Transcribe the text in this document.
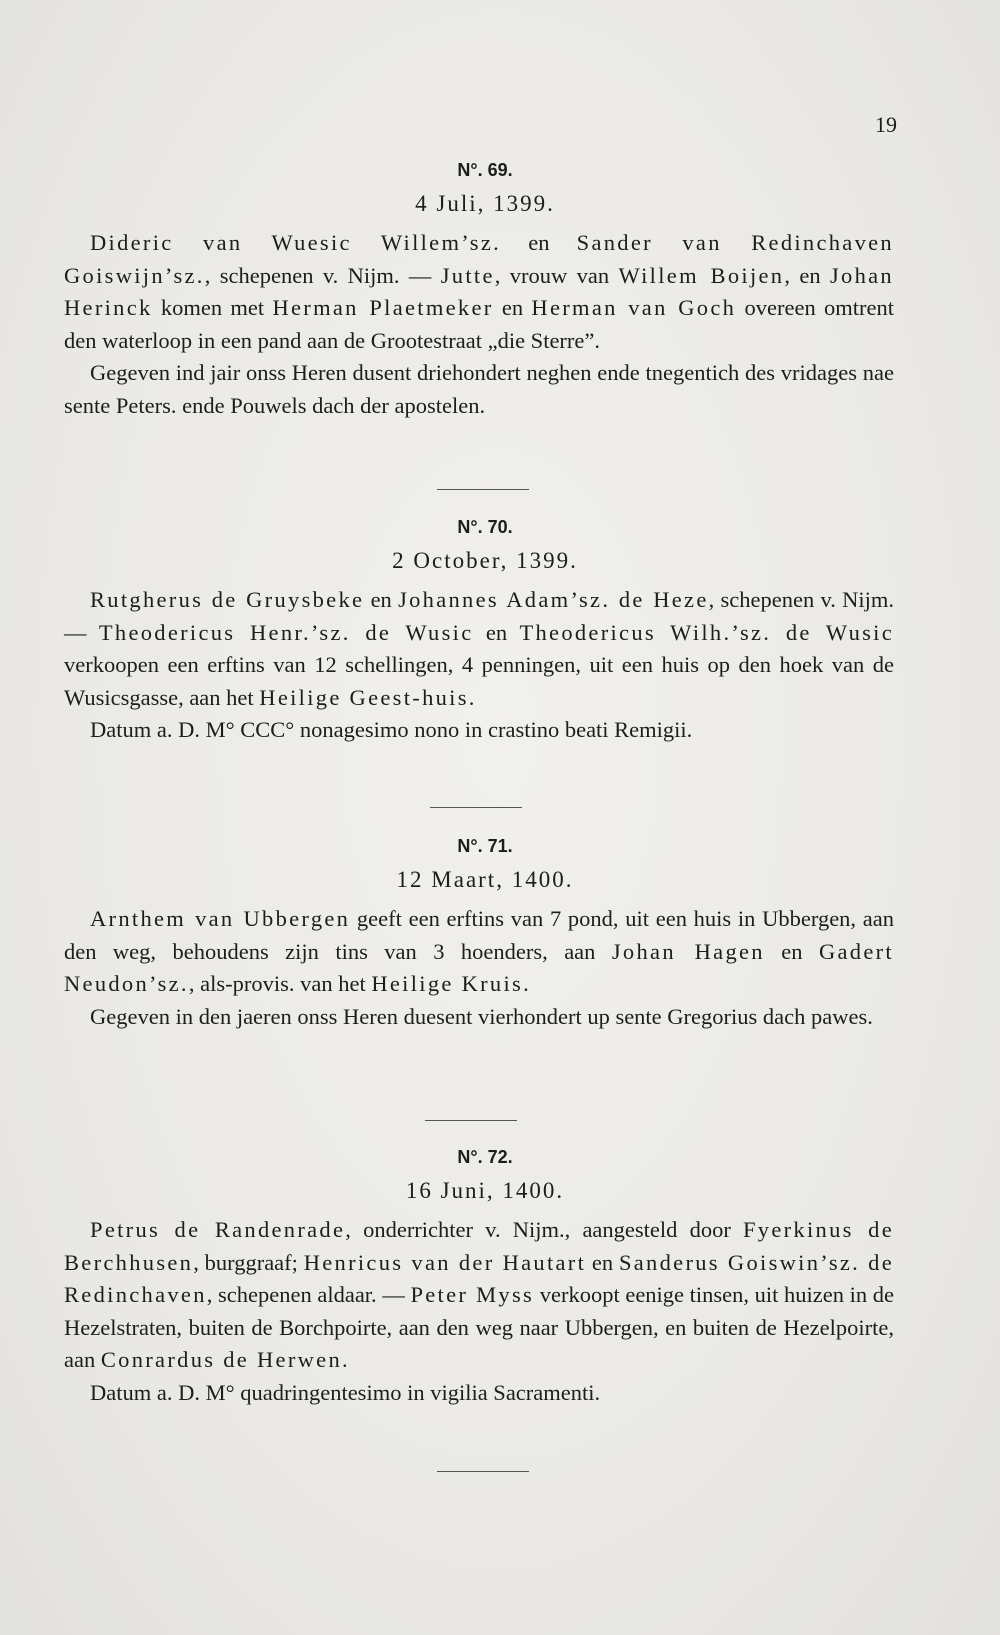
19
N°. 69.
4 Juli, 1399.

Dideric van Wuesic Willem’sz. en Sander van Redinchaven Goiswijn’sz., schepenen v. Nijm. — Jutte, vrouw van Willem Boijen, en Johan Herinck komen met Herman Plaetmeker en Herman van Goch overeen omtrent den waterloop in een pand aan de Grootestraat „die Sterre”.

Gegeven ind jair onss Heren dusent driehondert neghen ende tnegentich des vridages nae sente Peters. ende Pouwels dach der apostelen.

N°. 70.
2 October, 1399.

Rutgherus de Gruysbeke en Johannes Adam’sz. de Heze, schepenen v. Nijm. — Theodericus Henr.’sz. de Wusic en Theodericus Wilh.’sz. de Wusic verkoopen een erftins van 12 schellingen, 4 penningen, uit een huis op den hoek van de Wusicsgasse, aan het Heilige Geest-huis.

Datum a. D. M° CCC° nonagesimo nono in crastino beati Remigii.

N°. 71.
12 Maart, 1400.

Arnthem van Ubbergen geeft een erftins van 7 pond, uit een huis in Ubbergen, aan den weg, behoudens zijn tins van 3 hoenders, aan Johan Hagen en Gadert Neudon’sz., als-provis. van het Heilige Kruis.

Gegeven in den jaeren onss Heren duesent vierhondert up sente Gregorius dach pawes.

N°. 72.
16 Juni, 1400.

Petrus de Randenrade, onderrichter v. Nijm., aangesteld door Fyerkinus de Berchhusen, burggraaf; Henricus van der Hautart en Sanderus Goiswin’sz. de Redinchaven, schepenen aldaar. — Peter Myss verkoopt eenige tinsen, uit huizen in de Hezelstraten, buiten de Borchpoirte, aan den weg naar Ubbergen, en buiten de Hezelpoirte, aan Conrardus de Herwen.

Datum a. D. M° quadringentesimo in vigilia Sacramenti.
